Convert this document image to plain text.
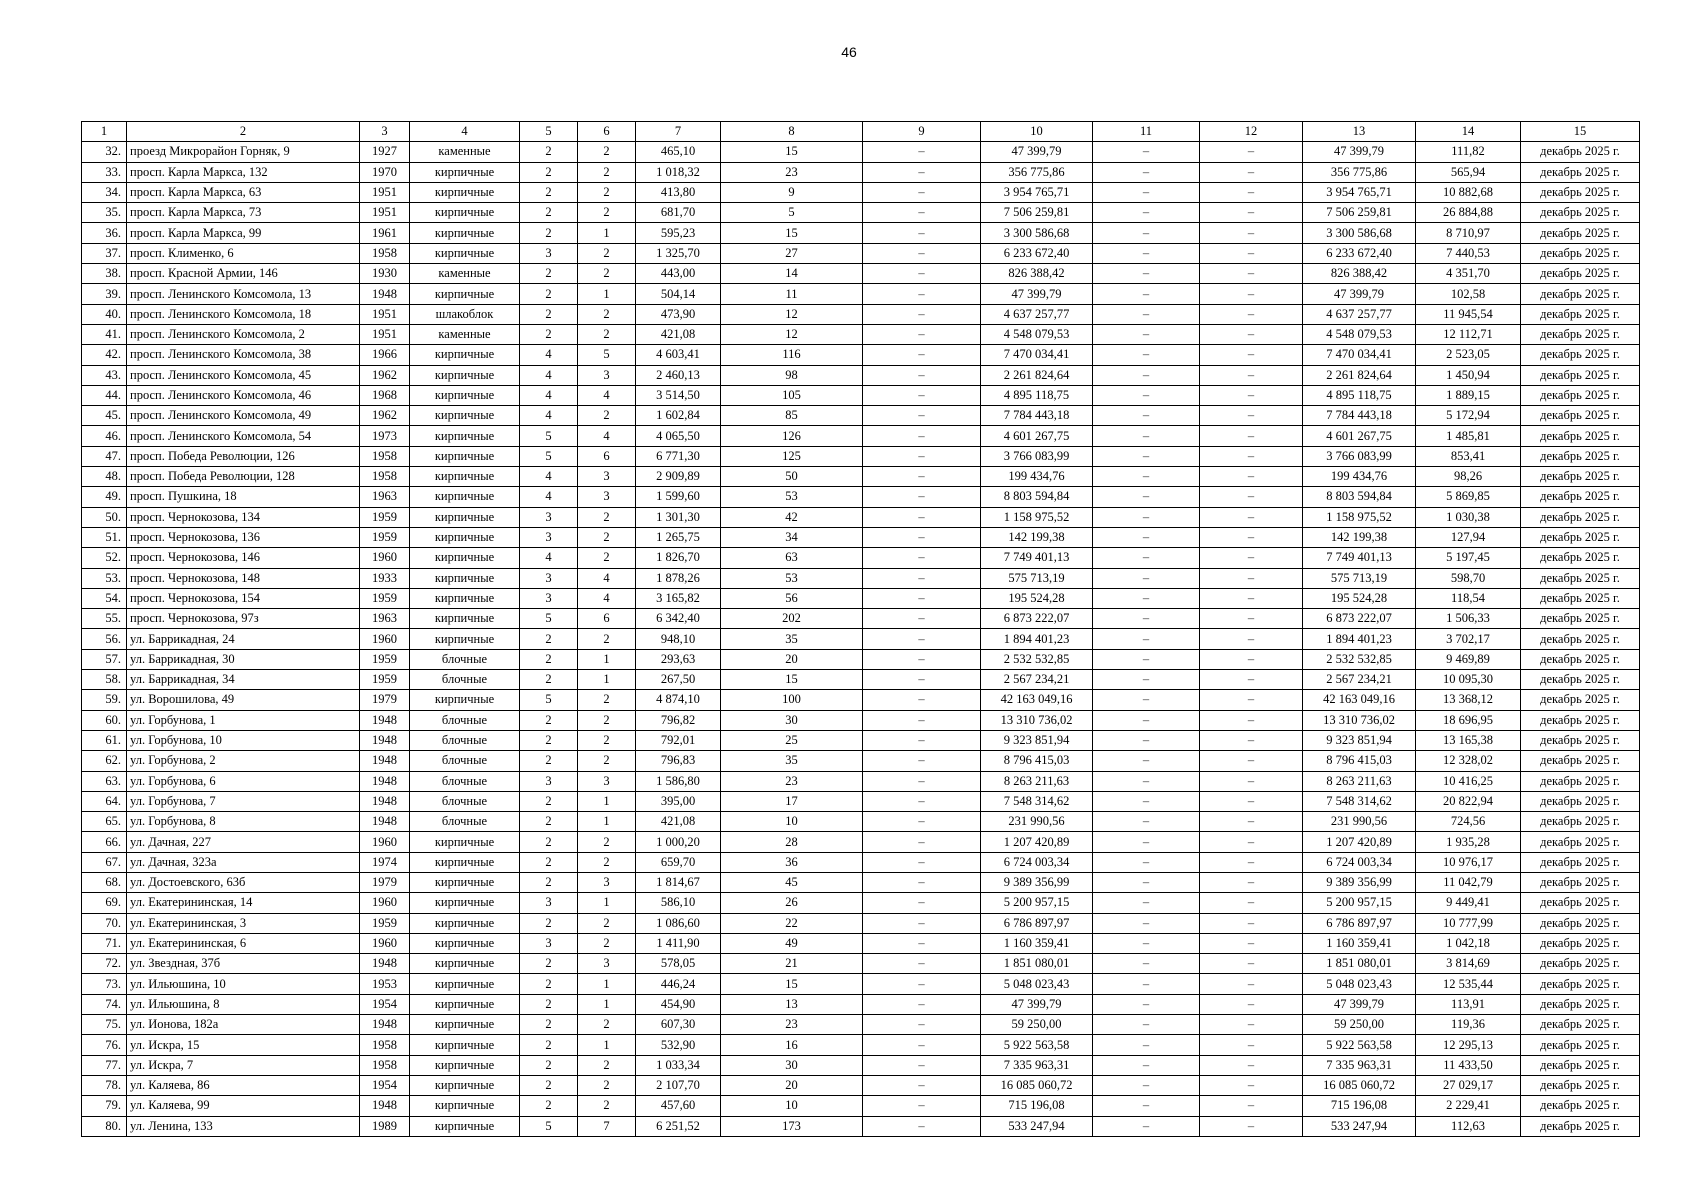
46
1	2	3	4	5	6	7	8	9	10	11	12	13	14	15
32.	проезд Микрорайон Горняк, 9	1927	каменные	2	2	465,10	15	–	47 399,79	–	–	47 399,79	111,82	декабрь 2025 г.
33.	просп. Карла Маркса, 132	1970	кирпичные	2	2	1 018,32	23	–	356 775,86	–	–	356 775,86	565,94	декабрь 2025 г.
34.	просп. Карла Маркса, 63	1951	кирпичные	2	2	413,80	9	–	3 954 765,71	–	–	3 954 765,71	10 882,68	декабрь 2025 г.
35.	просп. Карла Маркса, 73	1951	кирпичные	2	2	681,70	5	–	7 506 259,81	–	–	7 506 259,81	26 884,88	декабрь 2025 г.
36.	просп. Карла Маркса, 99	1961	кирпичные	2	1	595,23	15	–	3 300 586,68	–	–	3 300 586,68	8 710,97	декабрь 2025 г.
37.	просп. Клименко, 6	1958	кирпичные	3	2	1 325,70	27	–	6 233 672,40	–	–	6 233 672,40	7 440,53	декабрь 2025 г.
38.	просп. Красной Армии, 146	1930	каменные	2	2	443,00	14	–	826 388,42	–	–	826 388,42	4 351,70	декабрь 2025 г.
39.	просп. Ленинского Комсомола, 13	1948	кирпичные	2	1	504,14	11	–	47 399,79	–	–	47 399,79	102,58	декабрь 2025 г.
40.	просп. Ленинского Комсомола, 18	1951	шлакоблок	2	2	473,90	12	–	4 637 257,77	–	–	4 637 257,77	11 945,54	декабрь 2025 г.
41.	просп. Ленинского Комсомола, 2	1951	каменные	2	2	421,08	12	–	4 548 079,53	–	–	4 548 079,53	12 112,71	декабрь 2025 г.
42.	просп. Ленинского Комсомола, 38	1966	кирпичные	4	5	4 603,41	116	–	7 470 034,41	–	–	7 470 034,41	2 523,05	декабрь 2025 г.
43.	просп. Ленинского Комсомола, 45	1962	кирпичные	4	3	2 460,13	98	–	2 261 824,64	–	–	2 261 824,64	1 450,94	декабрь 2025 г.
44.	просп. Ленинского Комсомола, 46	1968	кирпичные	4	4	3 514,50	105	–	4 895 118,75	–	–	4 895 118,75	1 889,15	декабрь 2025 г.
45.	просп. Ленинского Комсомола, 49	1962	кирпичные	4	2	1 602,84	85	–	7 784 443,18	–	–	7 784 443,18	5 172,94	декабрь 2025 г.
46.	просп. Ленинского Комсомола, 54	1973	кирпичные	5	4	4 065,50	126	–	4 601 267,75	–	–	4 601 267,75	1 485,81	декабрь 2025 г.
47.	просп. Победа Революции, 126	1958	кирпичные	5	6	6 771,30	125	–	3 766 083,99	–	–	3 766 083,99	853,41	декабрь 2025 г.
48.	просп. Победа Революции, 128	1958	кирпичные	4	3	2 909,89	50	–	199 434,76	–	–	199 434,76	98,26	декабрь 2025 г.
49.	просп. Пушкина, 18	1963	кирпичные	4	3	1 599,60	53	–	8 803 594,84	–	–	8 803 594,84	5 869,85	декабрь 2025 г.
50.	просп. Чернокозова, 134	1959	кирпичные	3	2	1 301,30	42	–	1 158 975,52	–	–	1 158 975,52	1 030,38	декабрь 2025 г.
51.	просп. Чернокозова, 136	1959	кирпичные	3	2	1 265,75	34	–	142 199,38	–	–	142 199,38	127,94	декабрь 2025 г.
52.	просп. Чернокозова, 146	1960	кирпичные	4	2	1 826,70	63	–	7 749 401,13	–	–	7 749 401,13	5 197,45	декабрь 2025 г.
53.	просп. Чернокозова, 148	1933	кирпичные	3	4	1 878,26	53	–	575 713,19	–	–	575 713,19	598,70	декабрь 2025 г.
54.	просп. Чернокозова, 154	1959	кирпичные	3	4	3 165,82	56	–	195 524,28	–	–	195 524,28	118,54	декабрь 2025 г.
55.	просп. Чернокозова, 97з	1963	кирпичные	5	6	6 342,40	202	–	6 873 222,07	–	–	6 873 222,07	1 506,33	декабрь 2025 г.
56.	ул. Баррикадная, 24	1960	кирпичные	2	2	948,10	35	–	1 894 401,23	–	–	1 894 401,23	3 702,17	декабрь 2025 г.
57.	ул. Баррикадная, 30	1959	блочные	2	1	293,63	20	–	2 532 532,85	–	–	2 532 532,85	9 469,89	декабрь 2025 г.
58.	ул. Баррикадная, 34	1959	блочные	2	1	267,50	15	–	2 567 234,21	–	–	2 567 234,21	10 095,30	декабрь 2025 г.
59.	ул. Ворошилова, 49	1979	кирпичные	5	2	4 874,10	100	–	42 163 049,16	–	–	42 163 049,16	13 368,12	декабрь 2025 г.
60.	ул. Горбунова, 1	1948	блочные	2	2	796,82	30	–	13 310 736,02	–	–	13 310 736,02	18 696,95	декабрь 2025 г.
61.	ул. Горбунова, 10	1948	блочные	2	2	792,01	25	–	9 323 851,94	–	–	9 323 851,94	13 165,38	декабрь 2025 г.
62.	ул. Горбунова, 2	1948	блочные	2	2	796,83	35	–	8 796 415,03	–	–	8 796 415,03	12 328,02	декабрь 2025 г.
63.	ул. Горбунова, 6	1948	блочные	3	3	1 586,80	23	–	8 263 211,63	–	–	8 263 211,63	10 416,25	декабрь 2025 г.
64.	ул. Горбунова, 7	1948	блочные	2	1	395,00	17	–	7 548 314,62	–	–	7 548 314,62	20 822,94	декабрь 2025 г.
65.	ул. Горбунова, 8	1948	блочные	2	1	421,08	10	–	231 990,56	–	–	231 990,56	724,56	декабрь 2025 г.
66.	ул. Дачная, 227	1960	кирпичные	2	2	1 000,20	28	–	1 207 420,89	–	–	1 207 420,89	1 935,28	декабрь 2025 г.
67.	ул. Дачная, 323а	1974	кирпичные	2	2	659,70	36	–	6 724 003,34	–	–	6 724 003,34	10 976,17	декабрь 2025 г.
68.	ул. Достоевского, 63б	1979	кирпичные	2	3	1 814,67	45	–	9 389 356,99	–	–	9 389 356,99	11 042,79	декабрь 2025 г.
69.	ул. Екатерининская, 14	1960	кирпичные	3	1	586,10	26	–	5 200 957,15	–	–	5 200 957,15	9 449,41	декабрь 2025 г.
70.	ул. Екатерининская, 3	1959	кирпичные	2	2	1 086,60	22	–	6 786 897,97	–	–	6 786 897,97	10 777,99	декабрь 2025 г.
71.	ул. Екатерининская, 6	1960	кирпичные	3	2	1 411,90	49	–	1 160 359,41	–	–	1 160 359,41	1 042,18	декабрь 2025 г.
72.	ул. Звездная, 37б	1948	кирпичные	2	3	578,05	21	–	1 851 080,01	–	–	1 851 080,01	3 814,69	декабрь 2025 г.
73.	ул. Ильюшина, 10	1953	кирпичные	2	1	446,24	15	–	5 048 023,43	–	–	5 048 023,43	12 535,44	декабрь 2025 г.
74.	ул. Ильюшина, 8	1954	кирпичные	2	1	454,90	13	–	47 399,79	–	–	47 399,79	113,91	декабрь 2025 г.
75.	ул. Ионова, 182а	1948	кирпичные	2	2	607,30	23	–	59 250,00	–	–	59 250,00	119,36	декабрь 2025 г.
76.	ул. Искра, 15	1958	кирпичные	2	1	532,90	16	–	5 922 563,58	–	–	5 922 563,58	12 295,13	декабрь 2025 г.
77.	ул. Искра, 7	1958	кирпичные	2	2	1 033,34	30	–	7 335 963,31	–	–	7 335 963,31	11 433,50	декабрь 2025 г.
78.	ул. Каляева, 86	1954	кирпичные	2	2	2 107,70	20	–	16 085 060,72	–	–	16 085 060,72	27 029,17	декабрь 2025 г.
79.	ул. Каляева, 99	1948	кирпичные	2	2	457,60	10	–	715 196,08	–	–	715 196,08	2 229,41	декабрь 2025 г.
80.	ул. Ленина, 133	1989	кирпичные	5	7	6 251,52	173	–	533 247,94	–	–	533 247,94	112,63	декабрь 2025 г.
